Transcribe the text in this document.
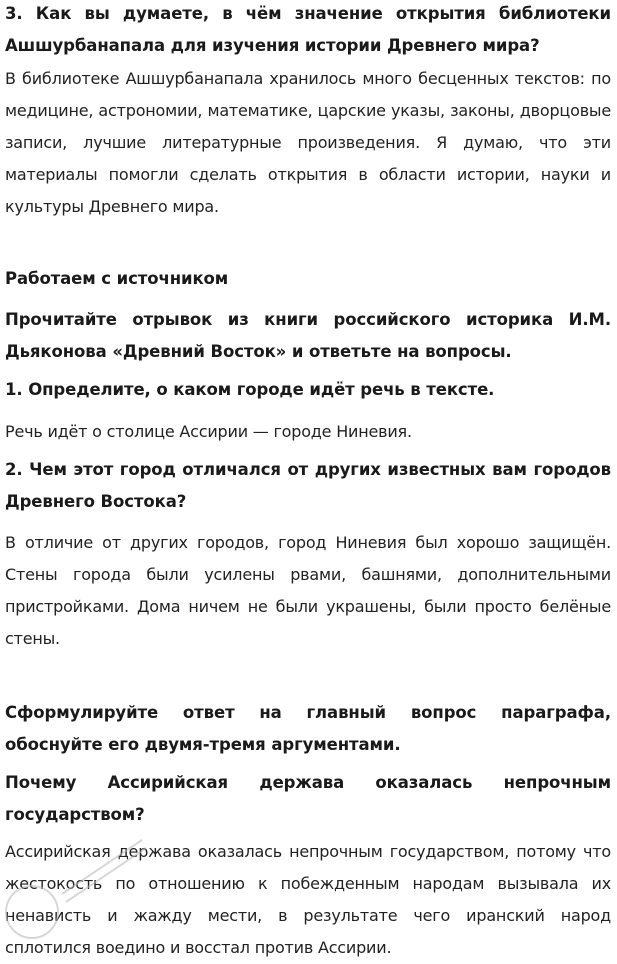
3. Как вы думаете, в чём значение открытия библиотеки Ашшурбанапала для изучения истории Древнего мира?

В библиотеке Ашшурбанапала хранилось много бесценных текстов: по медицине, астрономии, математике, царские указы, законы, дворцовые записи, лучшие литературные произведения. Я думаю, что эти материалы помогли сделать открытия в области истории, науки и культуры Древнего мира.

Работаем с источником

Прочитайте отрывок из книги российского историка И.М. Дьяконова «Древний Восток» и ответьте на вопросы.

1. Определите, о каком городе идёт речь в тексте.

Речь идёт о столице Ассирии — городе Ниневия.

2. Чем этот город отличался от других известных вам городов Древнего Востока?

В отличие от других городов, город Ниневия был хорошо защищён. Стены города были усилены рвами, башнями, дополнительными пристройками. Дома ничем не были украшены, были просто белёные стены.

Сформулируйте ответ на главный вопрос параграфа, обоснуйте его двумя-тремя аргументами.

Почему Ассирийская держава оказалась непрочным государством?

Ассирийская держава оказалась непрочным государством, потому что жестокость по отношению к побежденным народам вызывала их ненависть и жажду мести, в результате чего иранский народ сплотился воедино и восстал против Ассирии.
